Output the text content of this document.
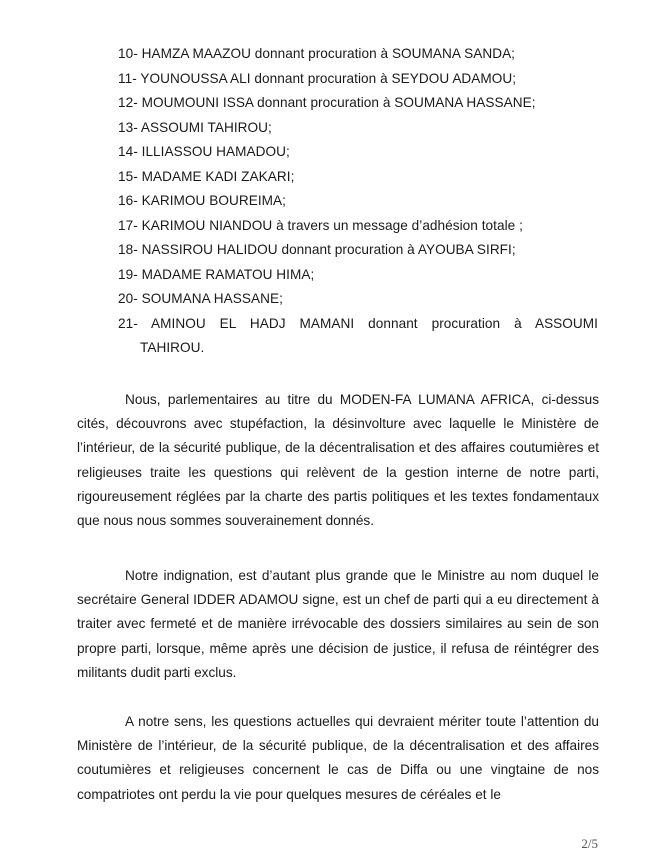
10- HAMZA MAAZOU donnant procuration à SOUMANA SANDA;
11- YOUNOUSSA ALI donnant procuration à SEYDOU ADAMOU;
12- MOUMOUNI ISSA donnant procuration à SOUMANA HASSANE;
13- ASSOUMI TAHIROU;
14- ILLIASSOU HAMADOU;
15- MADAME KADI ZAKARI;
16- KARIMOU BOUREIMA;
17- KARIMOU NIANDOU à travers un message d’adhésion totale ;
18- NASSIROU HALIDOU donnant procuration à AYOUBA SIRFI;
19- MADAME RAMATOU HIMA;
20- SOUMANA HASSANE;
21- AMINOU EL HADJ MAMANI donnant procuration à ASSOUMI
TAHIROU.

Nous, parlementaires au titre du MODEN-FA LUMANA AFRICA, ci-dessus cités, découvrons avec stupéfaction, la désinvolture avec laquelle le Ministère de l’intérieur, de la sécurité publique, de la décentralisation et des affaires coutumières et religieuses traite les questions qui relèvent de la gestion interne de notre parti, rigoureusement réglées par la charte des partis politiques et les textes fondamentaux que nous nous sommes souverainement donnés.

Notre indignation, est d’autant plus grande que le Ministre au nom duquel le secrétaire General IDDER ADAMOU signe, est un chef de parti qui a eu directement à traiter avec fermeté et de manière irrévocable des dossiers similaires au sein de son propre parti, lorsque, même après une décision de justice, il refusa de réintégrer des militants dudit parti exclus.

A notre sens, les questions actuelles qui devraient mériter toute l’attention du Ministère de l’intérieur, de la sécurité publique, de la décentralisation et des affaires coutumières et religieuses concernent le cas de Diffa ou une vingtaine de nos compatriotes ont perdu la vie pour quelques mesures de céréales et le

2/5
